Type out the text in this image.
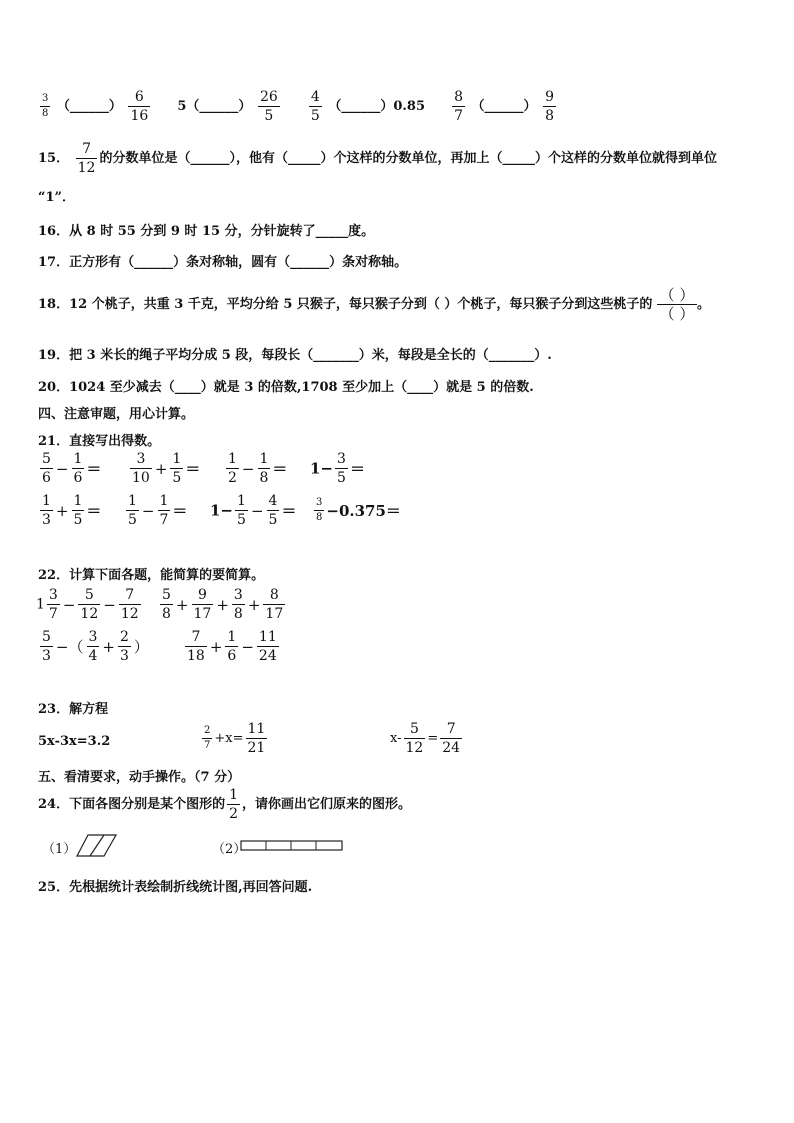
$\frac{3}{8}$ （______） $\frac{6}{16}$ 5（______） $\frac{26}{5}$
$\frac{4}{5}$ （______）0.85 $\frac{8}{7}$ （______） $\frac{9}{8}$
15． $\frac{7}{12}$ 的分数单位是（______），他有（_____）个这样的分数单位，再加上（_____）个这样的分数单位就得到单位
“1”．
16．从 8 时 55 分到 9 时 15 分，分针旋转了_____度。
17．正方形有（______）条对称轴，圆有（______）条对称轴。
18．12 个桃子，共重 3 千克，平均分给 5 只猴子，每只猴子分到（ ）个桃子，每只猴子分到这些桃子的 $\frac{( )}{( )}$ 。
19．把 3 米长的绳子平均分成 5 段，每段长（_______）米，每段是全长的（_______）.
20．1024 至少减去（____）就是 3 的倍数,1708 至少加上（____）就是 5 的倍数.
四、注意审题，用心计算。
21．直接写出得数。
$\frac{5}{6} - \frac{1}{6} = \frac{3}{10} + \frac{1}{5} = \frac{1}{2} - \frac{1}{8} = 1- \frac{3}{5}$ ＝
$\frac{1}{3} + \frac{1}{5} = \frac{1}{5} - \frac{1}{7} = 1- \frac{1}{5} - \frac{4}{5} = \frac{3}{8} -0.375=$
22．计算下面各题，能简算的要简算。
$1 \frac{3}{7} - \frac{5}{12} - \frac{7}{12} \frac{5}{8} + \frac{9}{17} + \frac{3}{8} + \frac{8}{17}$
$\frac{5}{3}$ −（ $\frac{3}{4} + \frac{2}{3}$ ）	$\frac{7}{18} + \frac{1}{6} - \frac{11}{24}$
23．解方程
5x-3x=3.2	$\frac{2}{7} +x= \frac{11}{21}$	$x- \frac{5}{12} = \frac{7}{24}$
五、看清要求，动手操作。（7 分）
24．下面各图分别是某个图形的 $\frac{1}{2}$ ，请你画出它们原来的图形。
（1）	（2）
25．先根据统计表绘制折线统计图,再回答问题.
